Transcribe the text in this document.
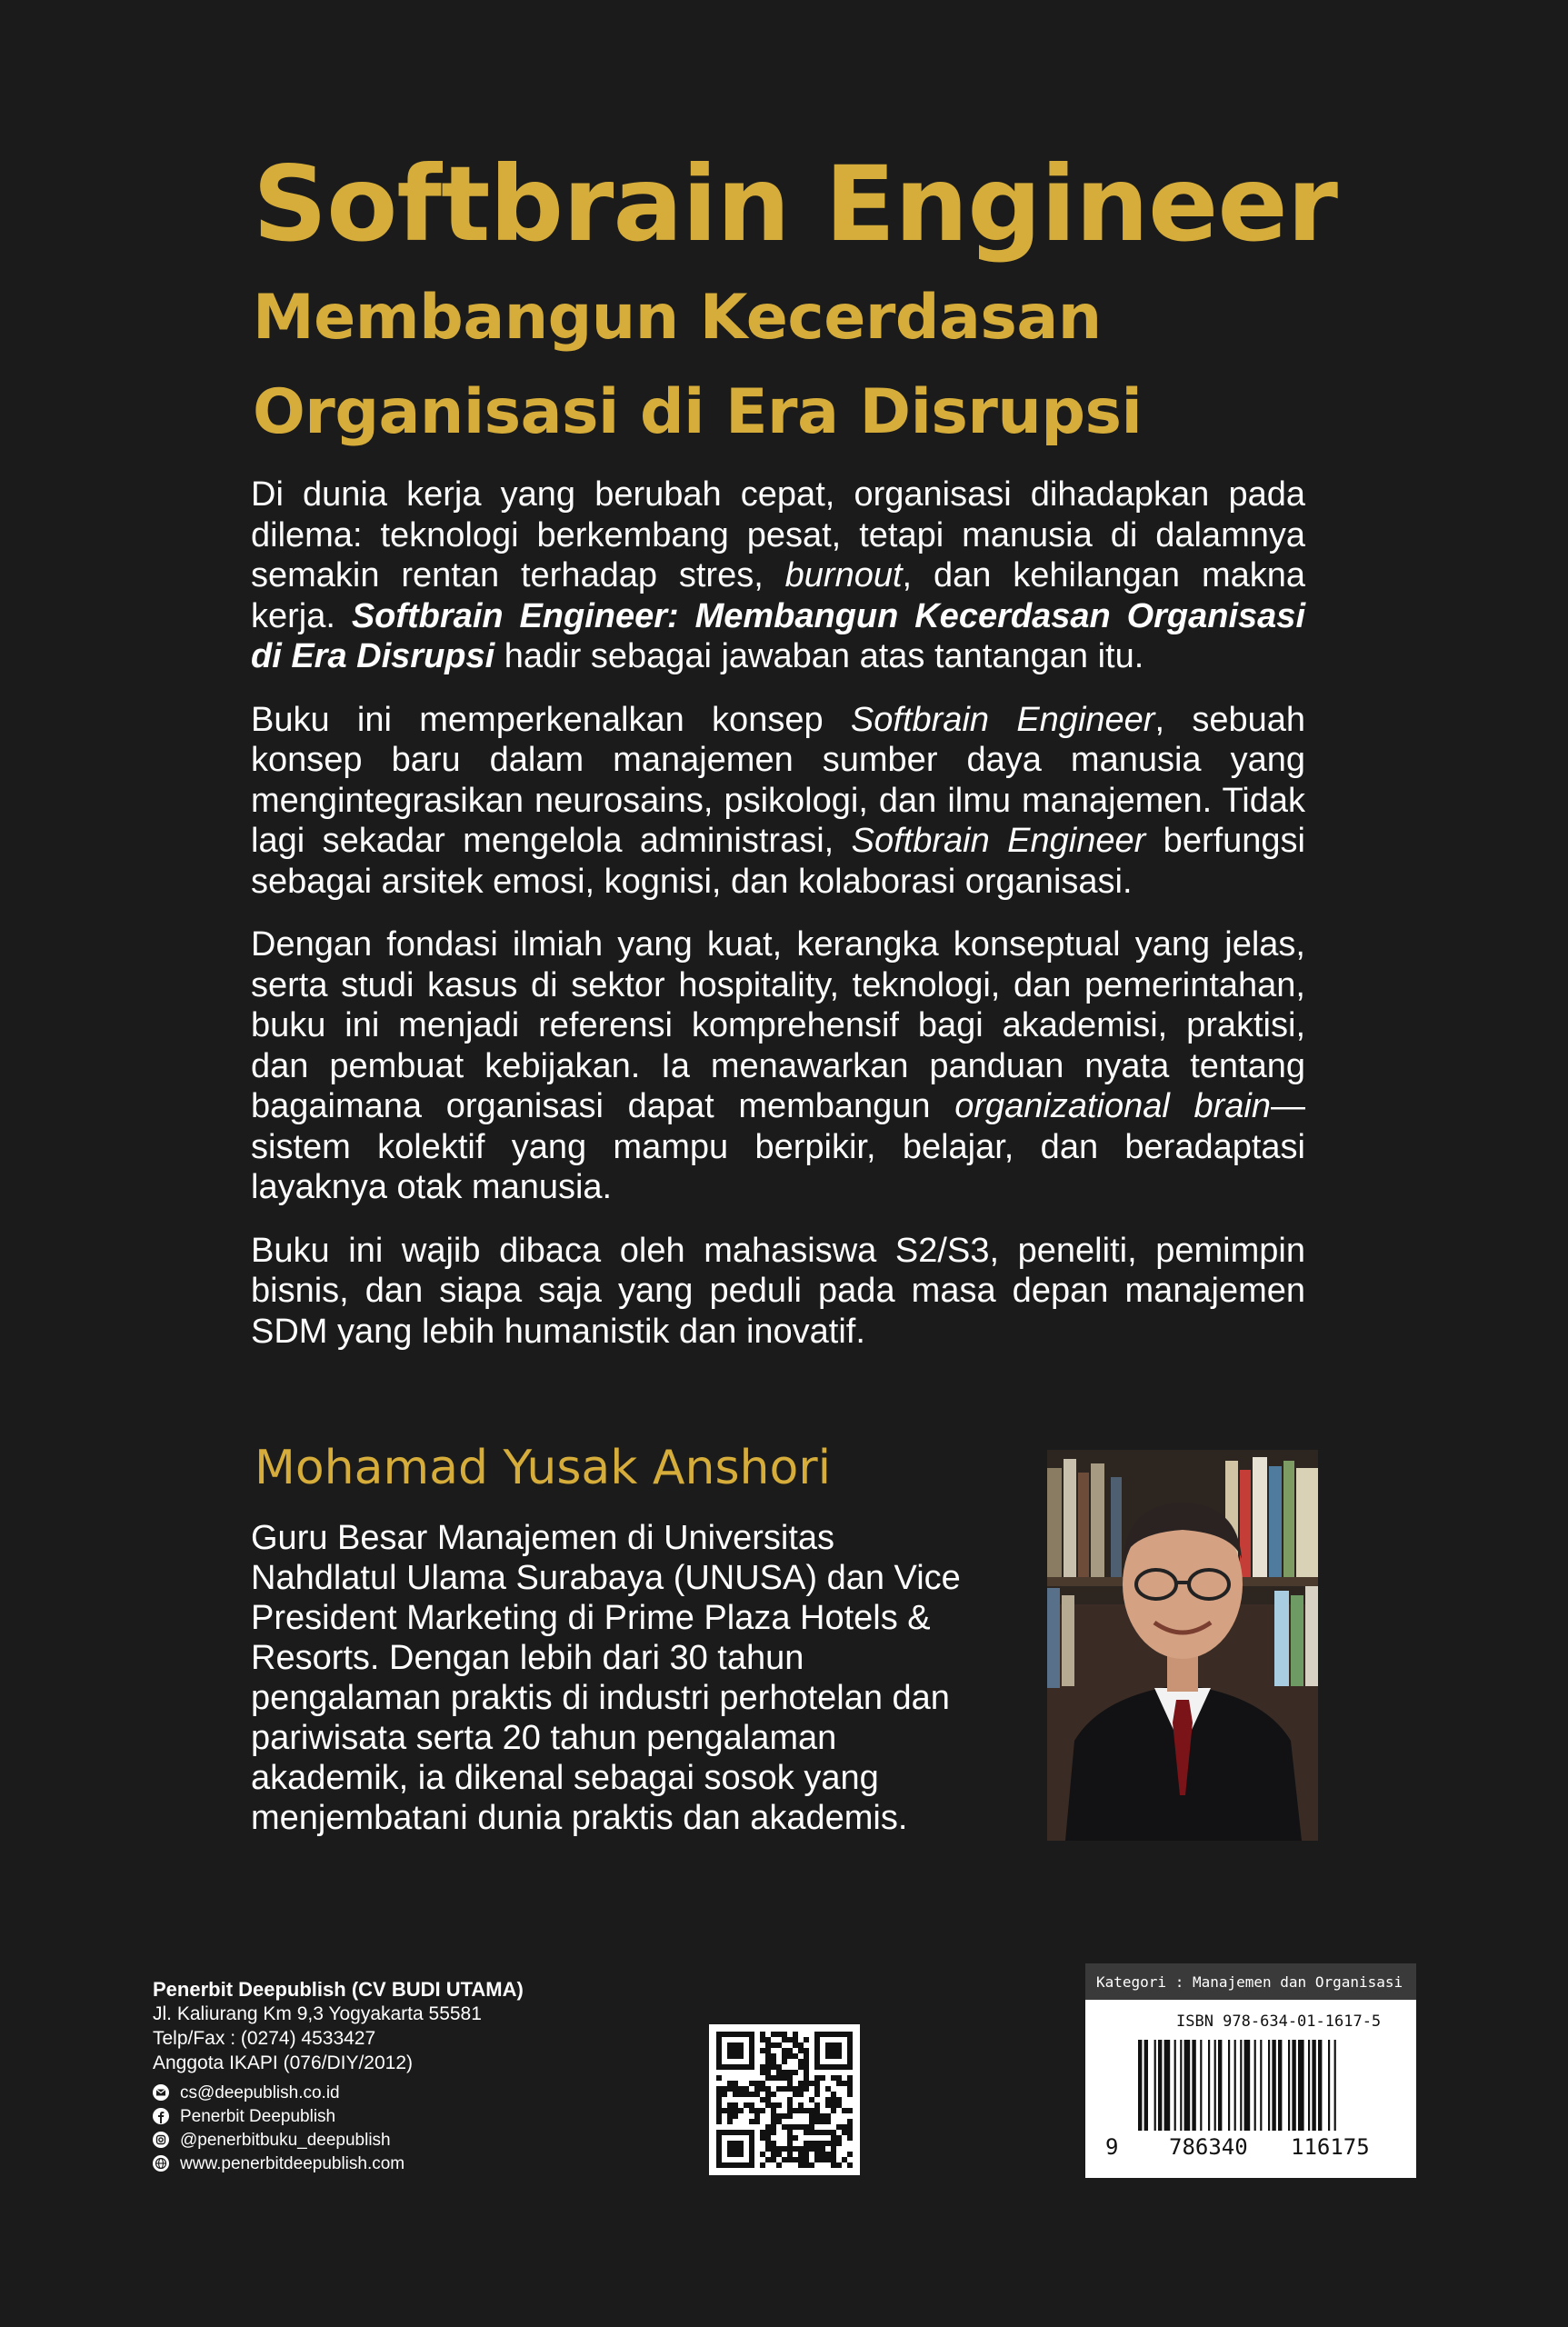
Softbrain Engineer
Membangun Kecerdasan
Organisasi di Era Disrupsi

Di dunia kerja yang berubah cepat, organisasi dihadapkan pada dilema: teknologi berkembang pesat, tetapi manusia di dalamnya semakin rentan terhadap stres, burnout, dan kehilangan makna kerja. Softbrain Engineer: Membangun Kecerdasan Organisasi di Era Disrupsi hadir sebagai jawaban atas tantangan itu.

Buku ini memperkenalkan konsep Softbrain Engineer, sebuah konsep baru dalam manajemen sumber daya manusia yang mengintegrasikan neurosains, psikologi, dan ilmu manajemen. Tidak lagi sekadar mengelola administrasi, Softbrain Engineer berfungsi sebagai arsitek emosi, kognisi, dan kolaborasi organisasi.

Dengan fondasi ilmiah yang kuat, kerangka konseptual yang jelas, serta studi kasus di sektor hospitality, teknologi, dan pemerintahan, buku ini menjadi referensi komprehensif bagi akademisi, praktisi, dan pembuat kebijakan. Ia menawarkan panduan nyata tentang bagaimana organisasi dapat membangun organizational brain—sistem kolektif yang mampu berpikir, belajar, dan beradaptasi layaknya otak manusia.

Buku ini wajib dibaca oleh mahasiswa S2/S3, peneliti, pemimpin bisnis, dan siapa saja yang peduli pada masa depan manajemen SDM yang lebih humanistik dan inovatif.

Mohamad Yusak Anshori
Guru Besar Manajemen di Universitas Nahdlatul Ulama Surabaya (UNUSA) dan Vice President Marketing di Prime Plaza Hotels & Resorts. Dengan lebih dari 30 tahun pengalaman praktis di industri perhotelan dan pariwisata serta 20 tahun pengalaman akademik, ia dikenal sebagai sosok yang menjembatani dunia praktis dan akademis.
Penerbit Deepublish (CV BUDI UTAMA)
Jl. Kaliurang Km 9,3 Yogyakarta 55581
Telp/Fax : (0274) 4533427
Anggota IKAPI (076/DIY/2012)
cs@deepublish.co.id
Penerbit Deepublish
@penerbitbuku_deepublish
www.penerbitdeepublish.com
Kategori : Manajemen dan Organisasi
ISBN 978-634-01-1617-5
9 786340 116175
